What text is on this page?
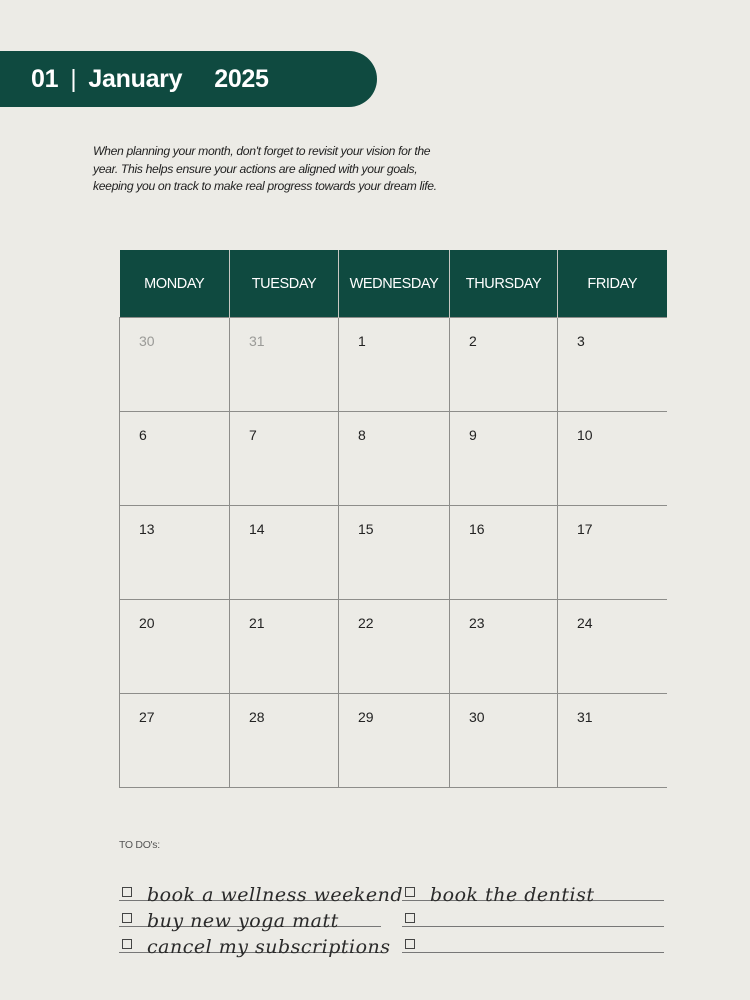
01 | January 2025
When planning your month, don't forget to revisit your vision for the year. This helps ensure your actions are aligned with your goals, keeping you on track to make real progress towards your dream life.
MONDAY	TUESDAY	WEDNESDAY	THURSDAY	FRIDAY
30	31	1	2	3
6	7	8	9	10
13	14	15	16	17
20	21	22	23	24
27	28	29	30	31
TO DO's:
book a wellness weekend
buy new yoga matt
cancel my subscriptions
book the dentist
